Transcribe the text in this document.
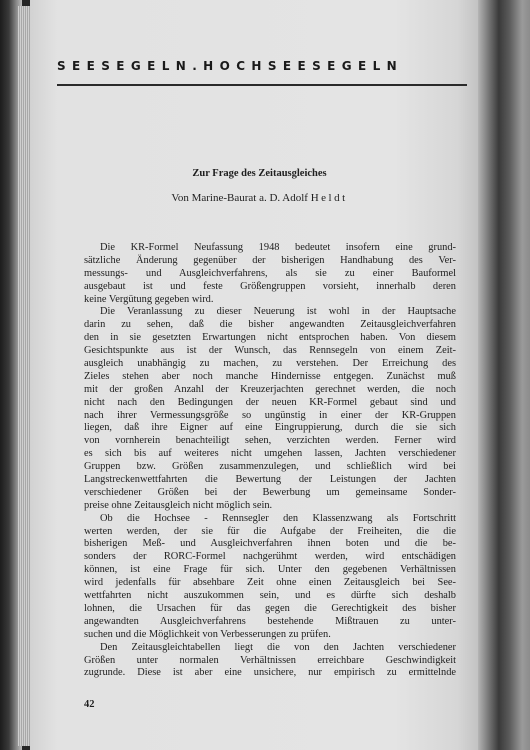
SEESEGELN.HOCHSEESEGELN
Zur Frage des Zeitausgleiches
Von Marine-Baurat a. D. Adolf Heldt
Die KR-Formel Neufassung 1948 bedeutet insofern eine grund-
sätzliche Änderung gegenüber der bisherigen Handhabung des Ver-
messungs- und Ausgleichverfahrens, als sie zu einer Bauformel
ausgebaut ist und feste Größengruppen vorsieht, innerhalb deren
keine Vergütung gegeben wird.
Die Veranlassung zu dieser Neuerung ist wohl in der Hauptsache
darin zu sehen, daß die bisher angewandten Zeitausgleichverfahren
den in sie gesetzten Erwartungen nicht entsprochen haben. Von diesem
Gesichtspunkte aus ist der Wunsch, das Rennsegeln von einem Zeit-
ausgleich unabhängig zu machen, zu verstehen. Der Erreichung des
Zieles stehen aber noch manche Hindernisse entgegen. Zunächst muß
mit der großen Anzahl der Kreuzerjachten gerechnet werden, die noch
nicht nach den Bedingungen der neuen KR-Formel gebaut sind und
nach ihrer Vermessungsgröße so ungünstig in einer der KR-Gruppen
liegen, daß ihre Eigner auf eine Eingruppierung, durch die sie sich
von vornherein benachteiligt sehen, verzichten werden. Ferner wird
es sich bis auf weiteres nicht umgehen lassen, Jachten verschiedener
Gruppen bzw. Größen zusammenzulegen, und schließlich wird bei
Langstreckenwettfahrten die Bewertung der Leistungen der Jachten
verschiedener Größen bei der Bewerbung um gemeinsame Sonder-
preise ohne Zeitausgleich nicht möglich sein.
Ob die Hochsee - Rennsegler den Klassenzwang als Fortschritt
werten werden, der sie für die Aufgabe der Freiheiten, die die
bisherigen Meß- und Ausgleichverfahren ihnen boten und die be-
sonders der RORC-Formel nachgerühmt werden, wird entschädigen
können, ist eine Frage für sich. Unter den gegebenen Verhältnissen
wird jedenfalls für absehbare Zeit ohne einen Zeitausgleich bei See-
wettfahrten nicht auszukommen sein, und es dürfte sich deshalb
lohnen, die Ursachen für das gegen die Gerechtigkeit des bisher
angewandten Ausgleichverfahrens bestehende Mißtrauen zu unter-
suchen und die Möglichkeit von Verbesserungen zu prüfen.
Den Zeitausgleichtabellen liegt die von den Jachten verschiedener
Größen unter normalen Verhältnissen erreichbare Geschwindigkeit
zugrunde. Diese ist aber eine unsichere, nur empirisch zu ermittelnde
42
